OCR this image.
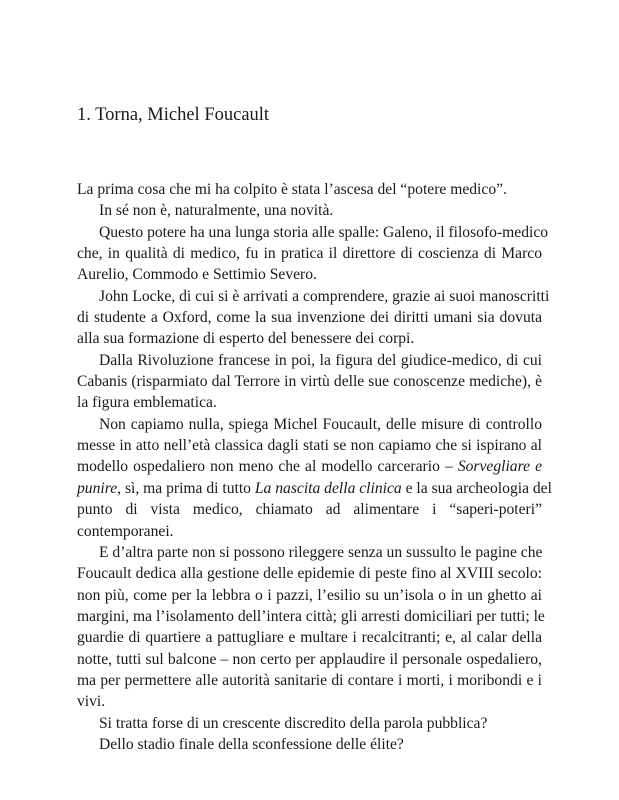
1. Torna, Michel Foucault
La prima cosa che mi ha colpito è stata l’ascesa del “potere medico”.
In sé non è, naturalmente, una novità.
Questo potere ha una lunga storia alle spalle: Galeno, il filosofo-medico
che, in qualità di medico, fu in pratica il direttore di coscienza di Marco
Aurelio, Commodo e Settimio Severo.
John Locke, di cui si è arrivati a comprendere, grazie ai suoi manoscritti
di studente a Oxford, come la sua invenzione dei diritti umani sia dovuta
alla sua formazione di esperto del benessere dei corpi.
Dalla Rivoluzione francese in poi, la figura del giudice-medico, di cui
Cabanis (risparmiato dal Terrore in virtù delle sue conoscenze mediche), è
la figura emblematica.
Non capiamo nulla, spiega Michel Foucault, delle misure di controllo
messe in atto nell’età classica dagli stati se non capiamo che si ispirano al
modello ospedaliero non meno che al modello carcerario – Sorvegliare e
punire, sì, ma prima di tutto La nascita della clinica e la sua archeologia del
punto di vista medico, chiamato ad alimentare i “saperi-poteri”
contemporanei.
E d’altra parte non si possono rileggere senza un sussulto le pagine che
Foucault dedica alla gestione delle epidemie di peste fino al XVIII secolo:
non più, come per la lebbra o i pazzi, l’esilio su un’isola o in un ghetto ai
margini, ma l’isolamento dell’intera città; gli arresti domiciliari per tutti; le
guardie di quartiere a pattugliare e multare i recalcitranti; e, al calar della
notte, tutti sul balcone – non certo per applaudire il personale ospedaliero,
ma per permettere alle autorità sanitarie di contare i morti, i moribondi e i
vivi.
Si tratta forse di un crescente discredito della parola pubblica?
Dello stadio finale della sconfessione delle élite?
